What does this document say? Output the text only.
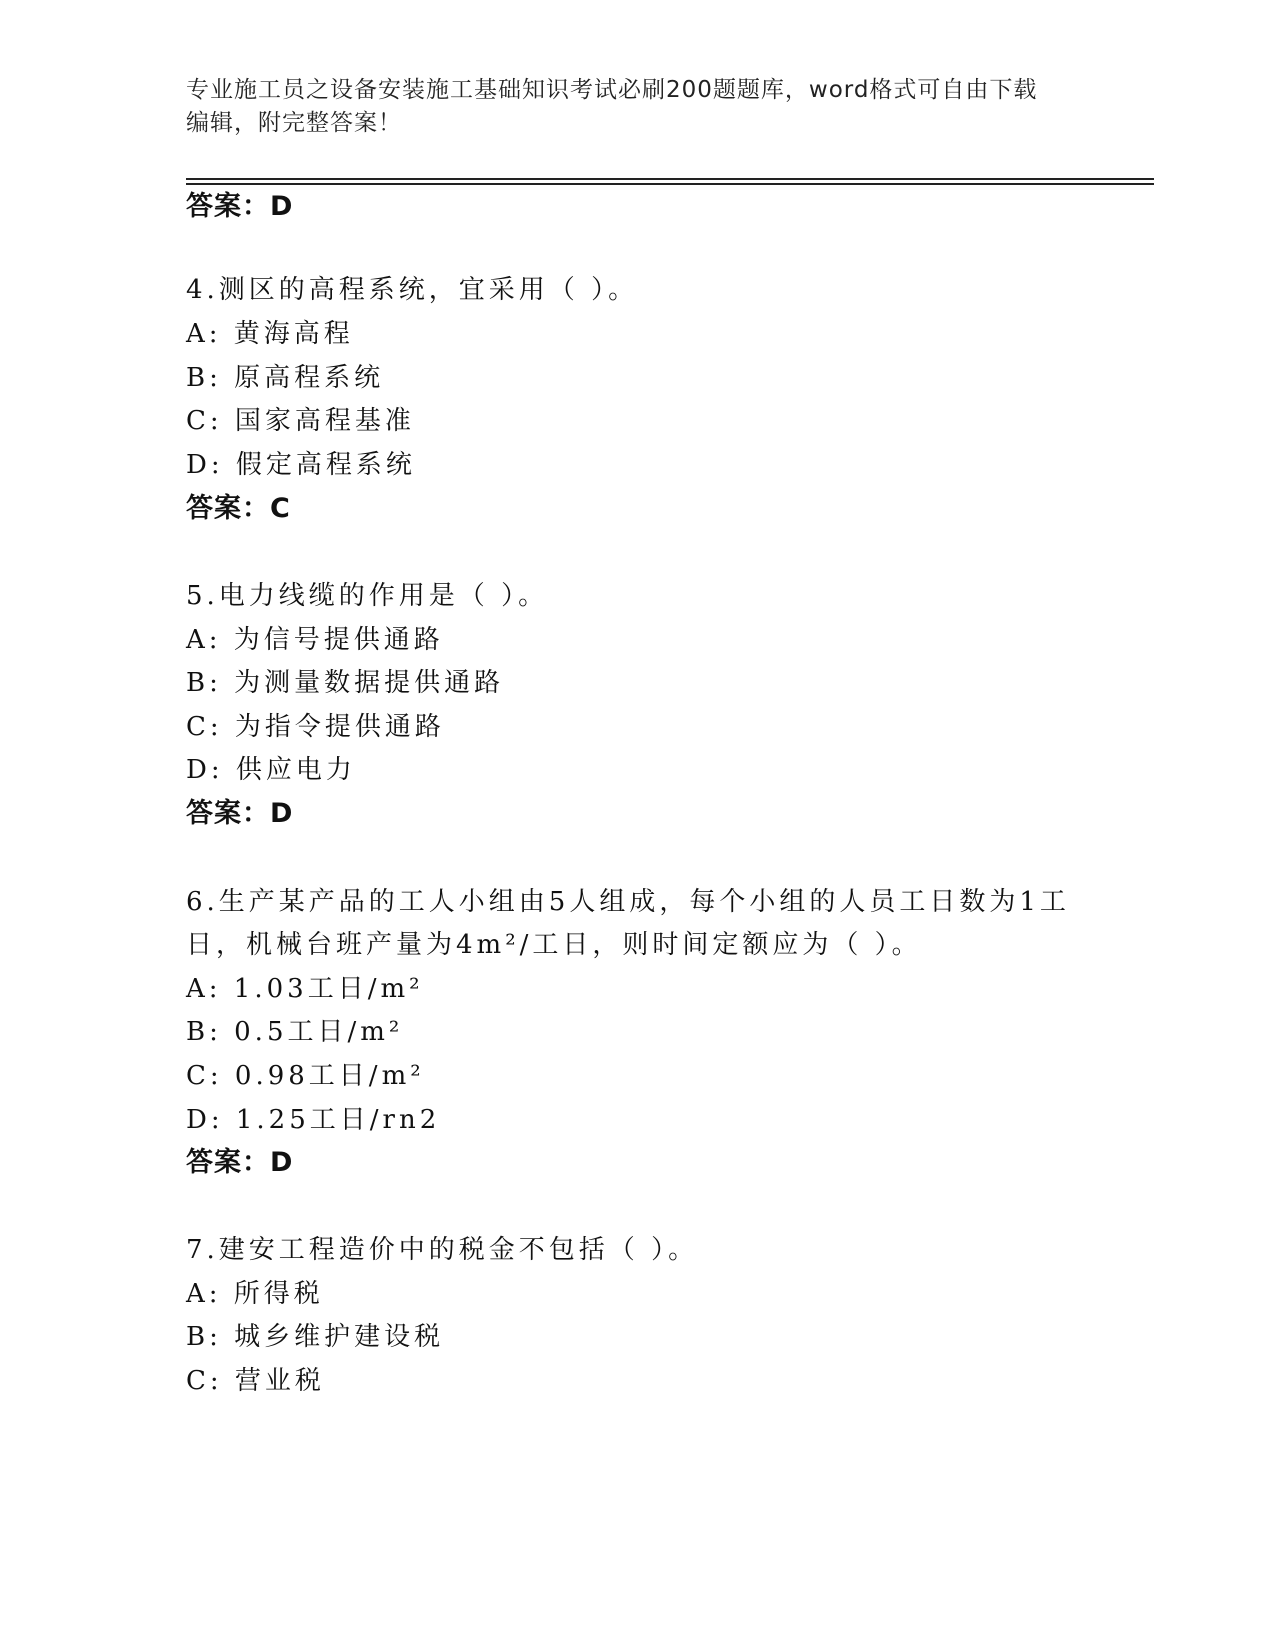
专业施工员之设备安装施工基础知识考试必刷200题题库，word格式可自由下载
编辑，附完整答案！
答案：D
4.测区的高程系统，宜采用（ ）。
A: 黄海高程
B: 原高程系统
C: 国家高程基准
D: 假定高程系统
答案：C
5.电力线缆的作用是（ ）。
A: 为信号提供通路
B: 为测量数据提供通路
C: 为指令提供通路
D: 供应电力
答案：D
6.生产某产品的工人小组由5人组成，每个小组的人员工日数为1工
日，机械台班产量为4m²/工日，则时间定额应为（ ）。
A: 1.03工日/m²
B: 0.5工日/m²
C: 0.98工日/m²
D: 1.25工日/rn2
答案：D
7.建安工程造价中的税金不包括（ ）。
A: 所得税
B: 城乡维护建设税
C: 营业税
